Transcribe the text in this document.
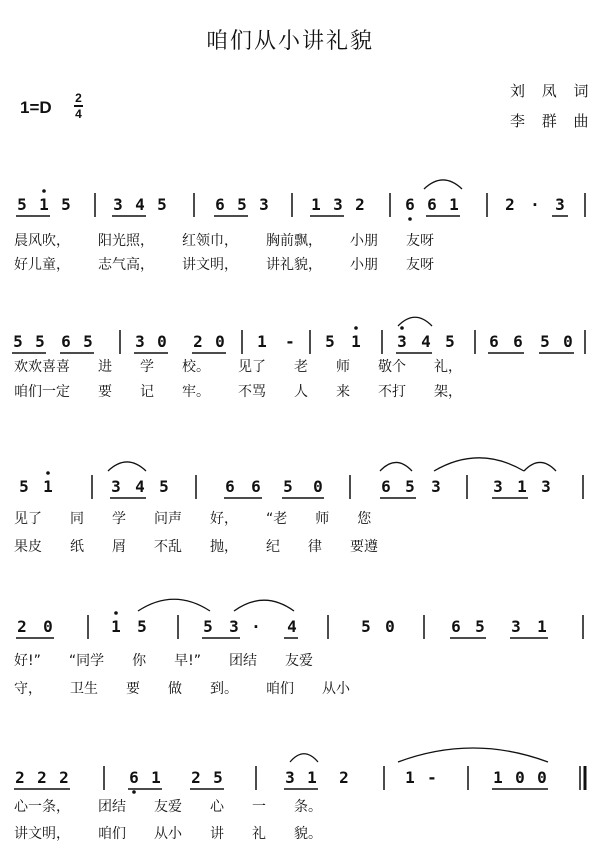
咱们从小讲礼貌
刘 凤 词
李 群 曲
1=D 2
4
5 1 5	3 4 5	6 5 3	1 3 2	6 6 1	2 · 3
晨风吹，  阳光照，  红领巾，  胸前飘，  小朋  友呀
好儿童，  志气高，  讲文明，  讲礼貌，  小朋  友呀
5 5 6 5	3 0 2 0 1 - 5 1 3 4 5 6 6 5 0
欢欢喜喜  进  学  校。  见了  老  师  敬个  礼，
咱们一定  要  记  牢。  不骂  人  来  不打  架，
5 1	3 4 5	6 6 5 0	6 5 3	3 1 3
见了  同  学  问声  好，  “老  师  您
果皮  纸  屑  不乱  抛，  纪  律  要遵
2 0	1 5	5 3 · 4	5 0	6 5 3 1
好!”  “同学  你  早!”  团结  友爱
守，  卫生  要  做  到。  咱们  从小
2 2 2	6 1 2 5	3 1 2	1 -	1 0 0
心一条，  团结  友爱  心  一  条。
讲文明，  咱们  从小  讲  礼  貌。
